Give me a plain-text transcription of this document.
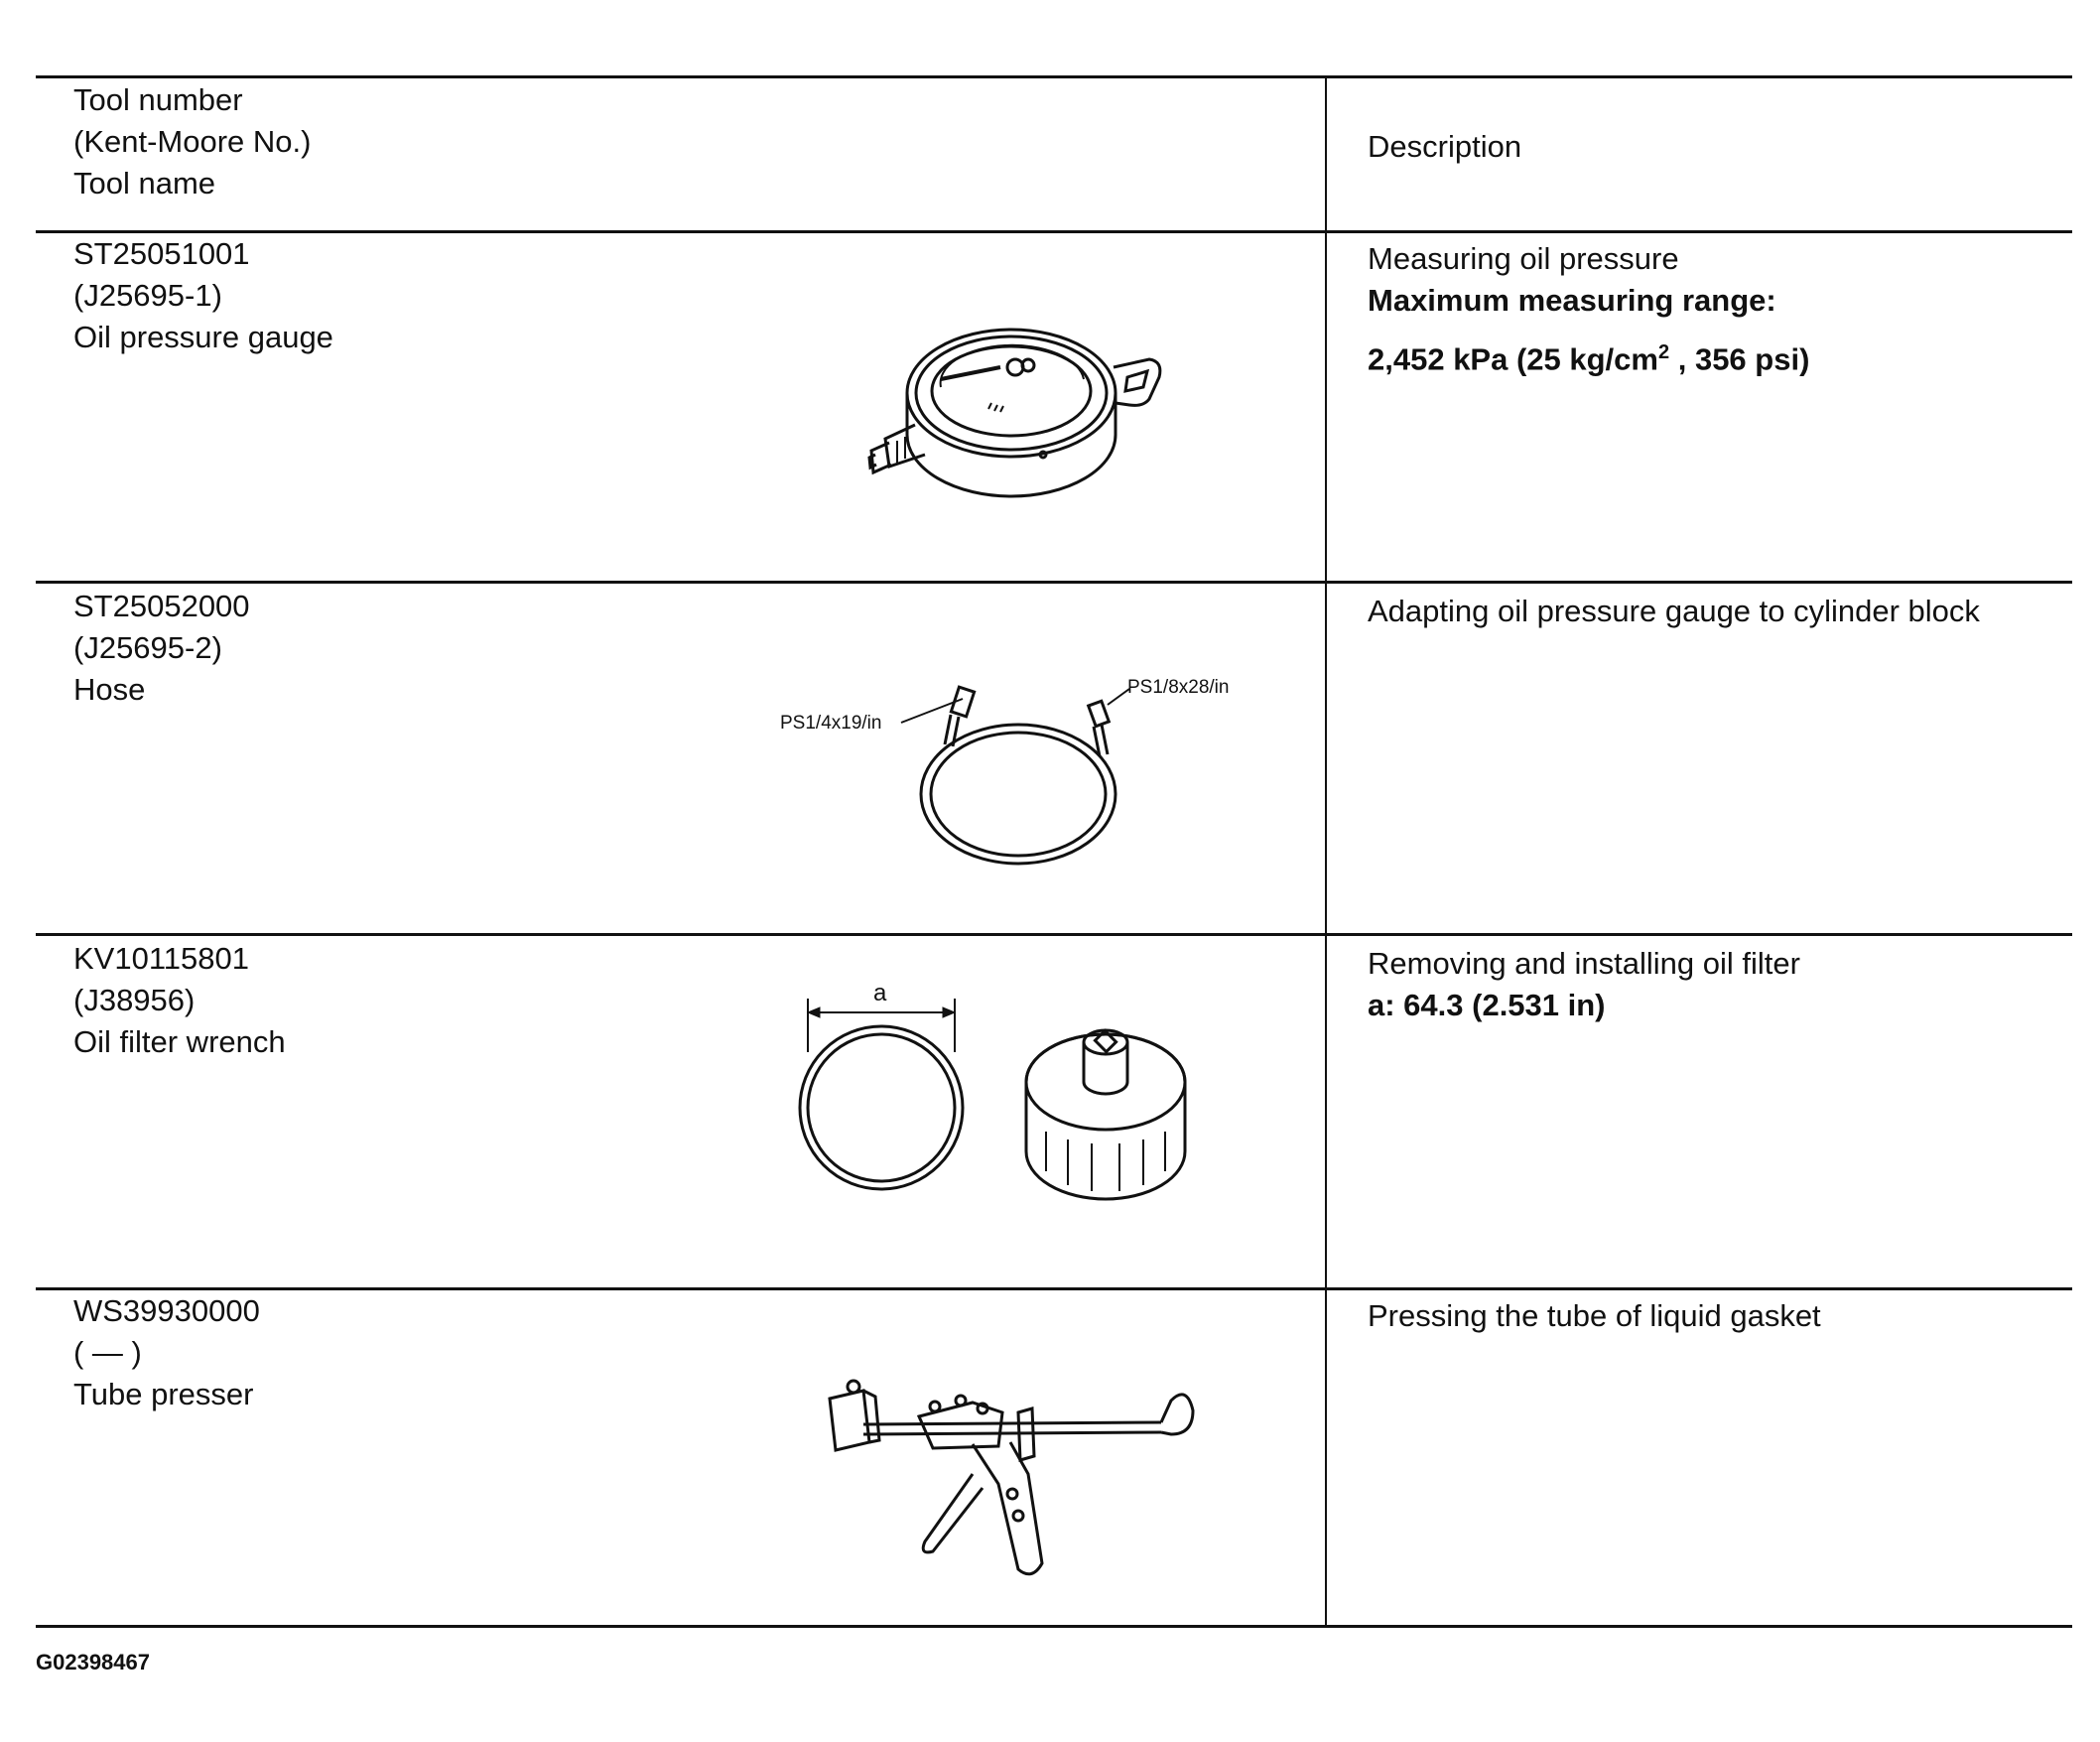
Tool number
(Kent-Moore No.)
Tool name
Description
ST25051001
(J25695-1)
Oil pressure gauge
Measuring oil pressure
Maximum measuring range:
2,452 kPa (25 $kg/cm^2$ , 356 psi)
ST25052000
(J25695-2)
Hose
Adapting oil pressure gauge to cylinder block
PS1/4x19/in
PS1/8x28/in
KV10115801
(J38956)
Oil filter wrench
Removing and installing oil filter
a: 64.3 (2.531 in)
a
WS39930000
( — )
Tube presser
Pressing the tube of liquid gasket
G02398467
